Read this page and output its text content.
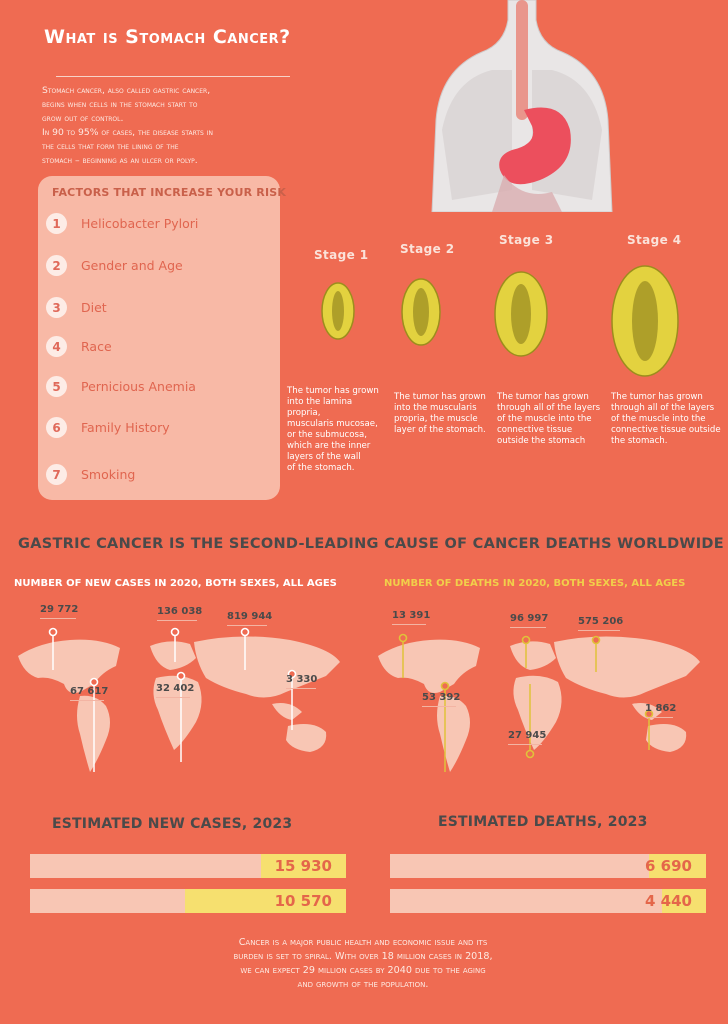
What is Stomach Cancer?
Stomach cancer, also called gastric cancer,
begins when cells in the stomach start to
grow out of control.
In 90 to 95% of cases, the disease starts in
the cells that form the lining of the
stomach – beginning as an ulcer or polyp.
FACTORS THAT INCREASE YOUR RISK
1	Helicobacter Pylori
2	Gender and Age
3	Diet
4	Race
5	Pernicious Anemia
6	Family History
7	Smoking
Stage 1	Stage 2
Stage 3	Stage 4
The tumor has grown
into the lamina propria,
muscularis mucosae,
or the submucosa,
which are the inner
layers of the wall
of the stomach.
The tumor has grown
into the muscularis
propria, the muscle
layer of the stomach.
The tumor has grown
through all of the layers
of the muscle into the
connective tissue
outside the stomach
The tumor has grown
through all of the layers
of the muscle into the
connective tissue outside
the stomach.
GASTRIC CANCER IS THE SECOND-LEADING CAUSE OF CANCER DEATHS WORLDWIDE
NUMBER OF NEW CASES IN 2020, BOTH SEXES, ALL AGES	NUMBER OF DEATHS IN 2020, BOTH SEXES, ALL AGES
29 772	136 038 819 944
67 617	32 402
3 330
13 391	96 997	575 206
53 392
27 945
1 862
ESTIMATED NEW CASES, 2023	ESTIMATED DEATHS, 2023
15 930
10 570
6 690
4 440
Cancer is a major public health and economic issue and its
burden is set to spiral. With over 18 million cases in 2018,
we can expect 29 million cases by 2040 due to the aging
and growth of the population.
